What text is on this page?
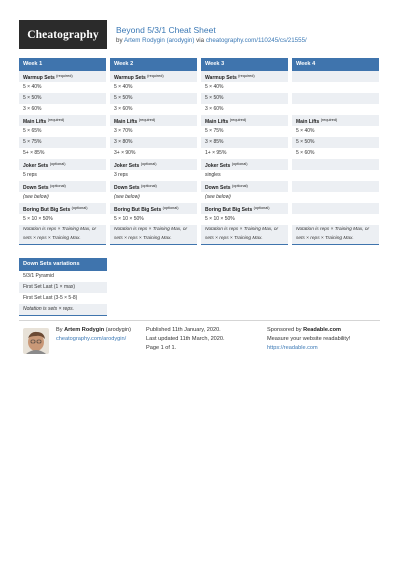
Cheatography	Beyond 5/3/1 Cheat Sheet
by Artem Rodygin (arodygin) via cheatography.com/110245/cs/21555/
Week 1
Warmup Sets $^{(required)}$
5 × 40%
5 × 50%
3 × 60%
Main Lifts $^{(required)}$
5 × 65%
5 × 75%
5+ × 85%
Joker Sets $^{(optional)}$
5 reps
Down Sets $^{(optional)}$
(see below)
Boring But Big Sets $^{(optional)}$
5 × 10 × 50%
Notation is reps × Training Max, or sets × reps × Training Max.
Week 2
Warmup Sets $^{(required)}$
5 × 40%
5 × 50%
3 × 60%
Main Lifts $^{(required)}$
3 × 70%
3 × 80%
3+ × 90%
Joker Sets $^{(optional)}$
3 reps
Down Sets $^{(optional)}$
(see below)
Boring But Big Sets $^{(optional)}$
5 × 10 × 50%
Notation is reps × Training Max, or sets × reps × Training Max.
Week 3
Warmup Sets $^{(required)}$
5 × 40%
5 × 50%
3 × 60%
Main Lifts $^{(required)}$
5 × 75%
3 × 85%
1+ × 95%
Joker Sets $^{(optional)}$
singles
Down Sets $^{(optional)}$
(see below)
Boring But Big Sets $^{(optional)}$
5 × 10 × 50%
Notation is reps × Training Max, or sets × reps × Training Max.
Week 4
Main Lifts $^{(required)}$
5 × 40%
5 × 50%
5 × 60%
Notation is reps × Training Max, or sets × reps × Training Max.
Down Sets variations
5/3/1 Pyramid
First Set Last (1 × max)
First Set Last (3-5 × 5-8)
Notation is sets × reps.
By Artem Rodygin (arodygin)
cheatography.com/arodygin/
Published 11th January, 2020.
Last updated 11th March, 2020.
Page 1 of 1.
Sponsored by Readable.com
Measure your website readability!
https://readable.com
